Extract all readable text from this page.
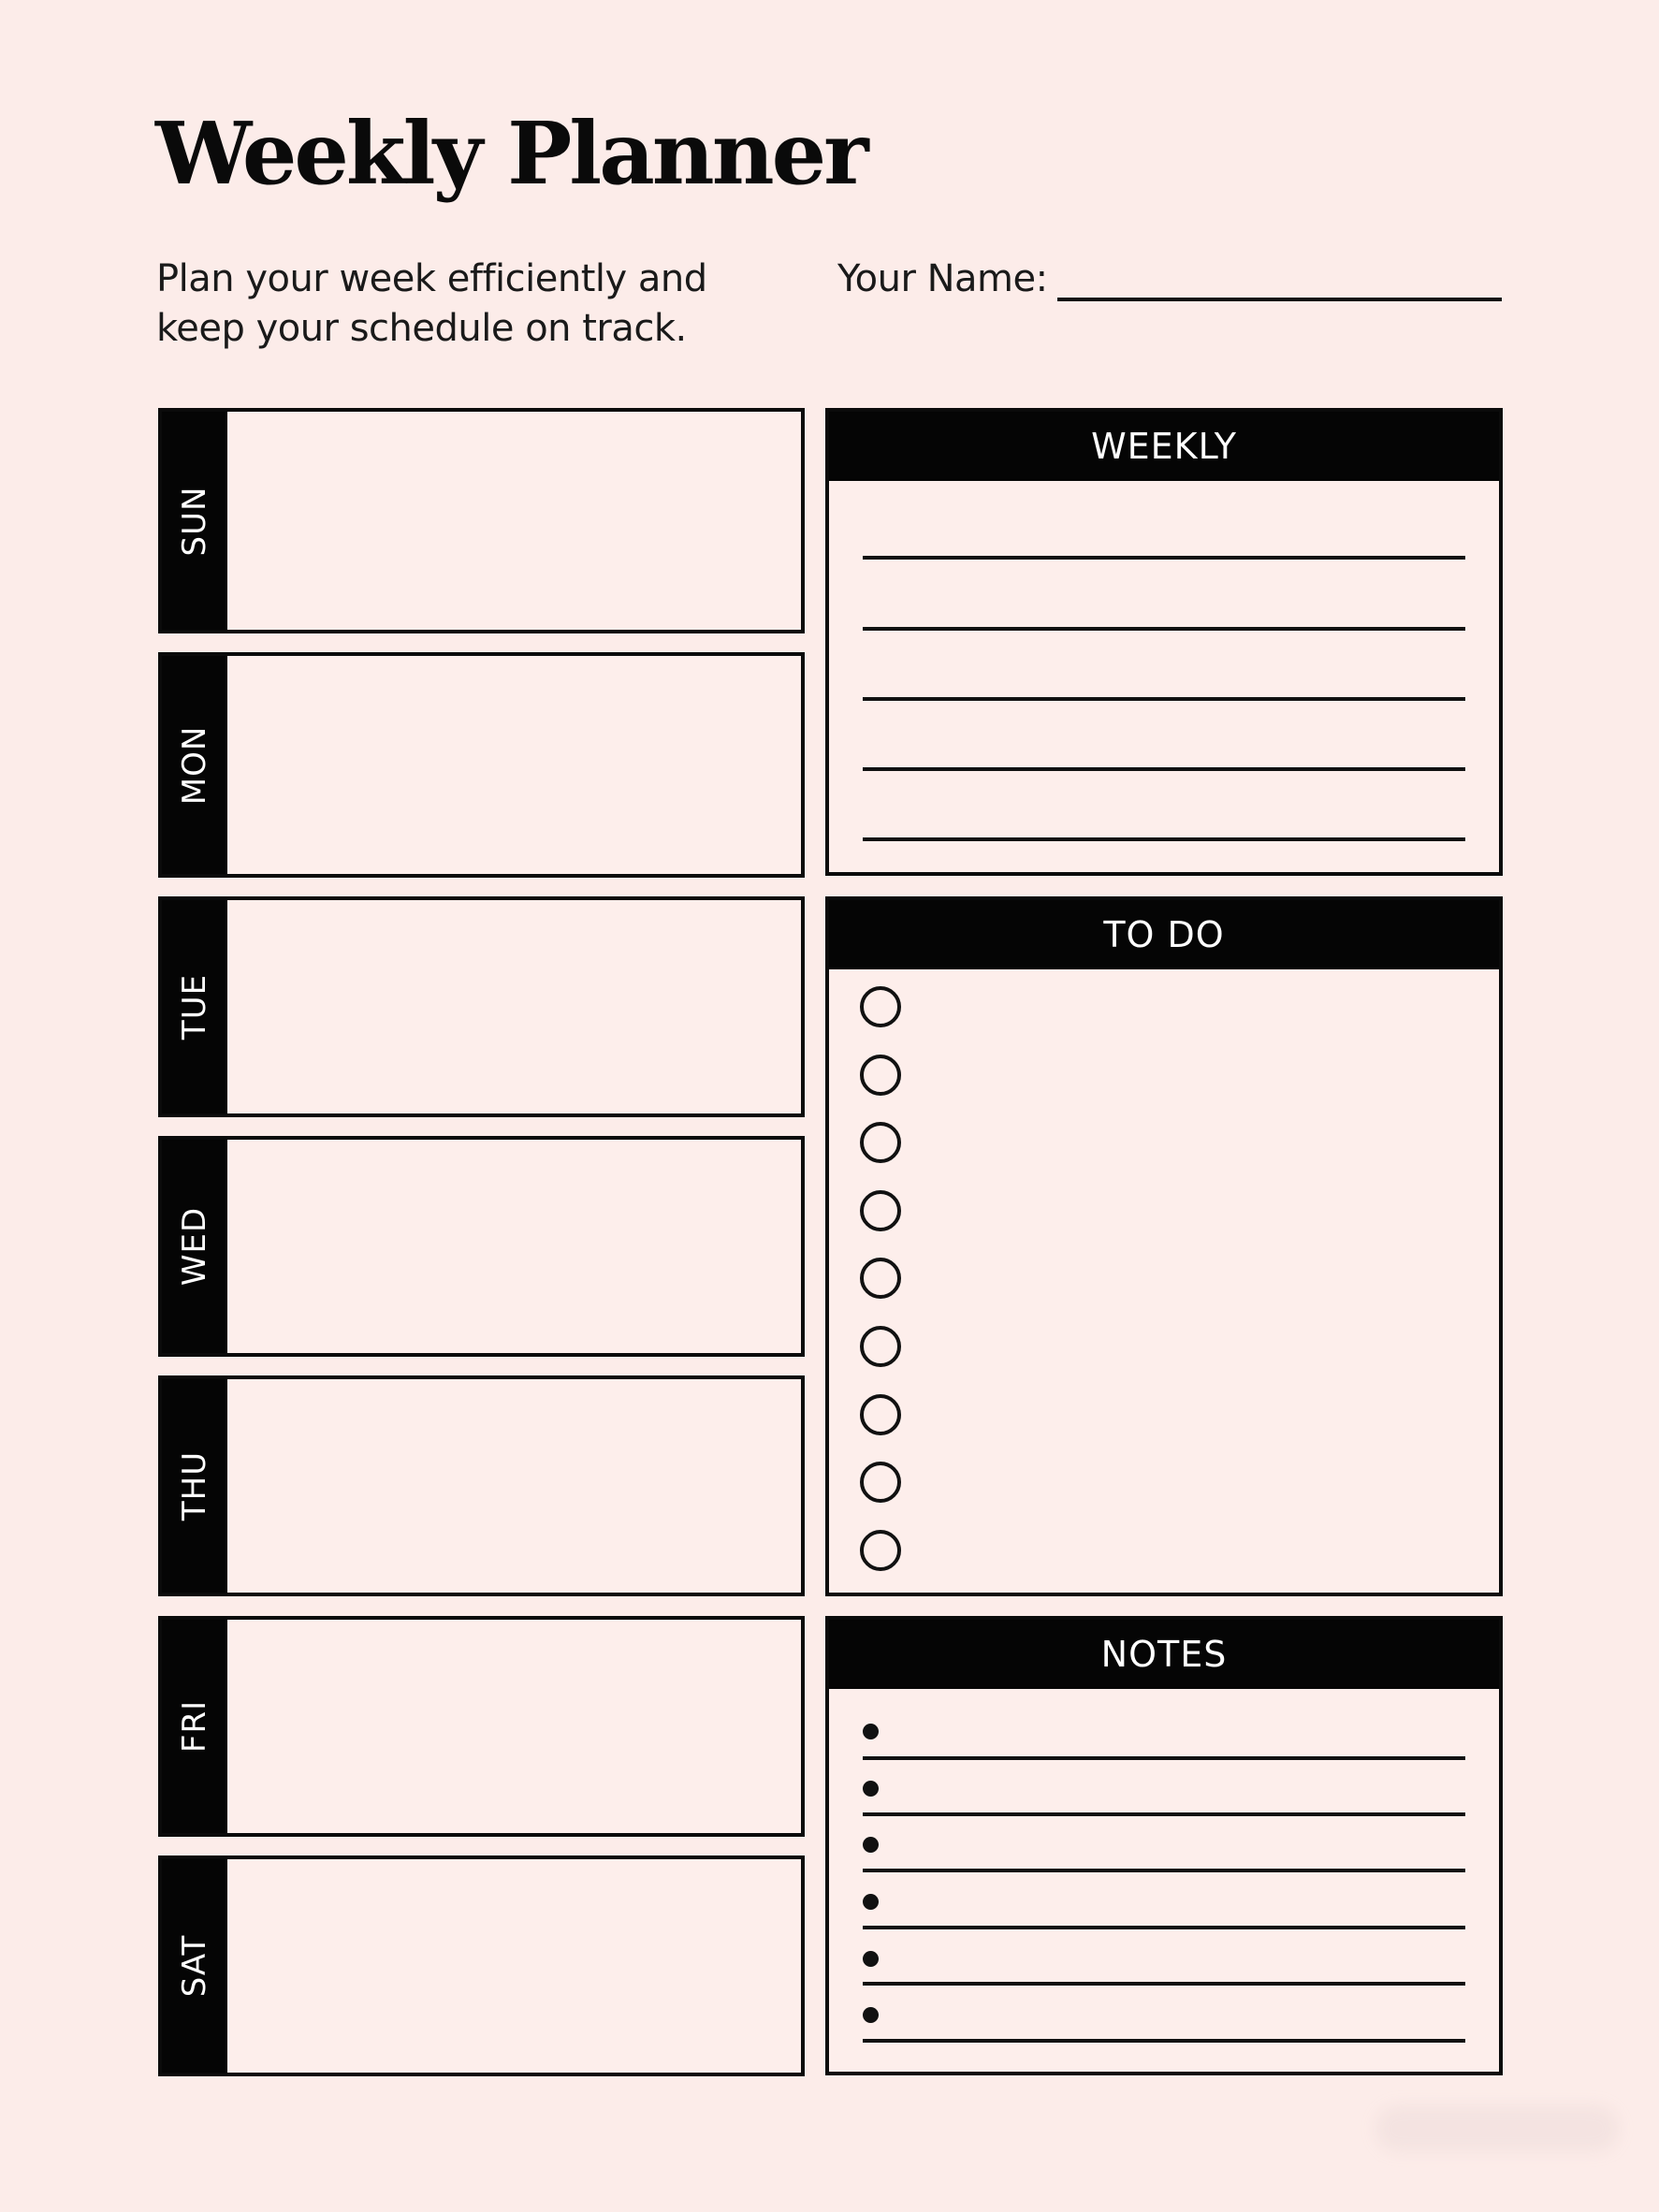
Weekly Planner
Plan your week efficiently and keep your schedule on track.
Your Name:
SUN
MON
TUE
WED
THU
FRI
SAT
WEEKLY
TO DO
NOTES
